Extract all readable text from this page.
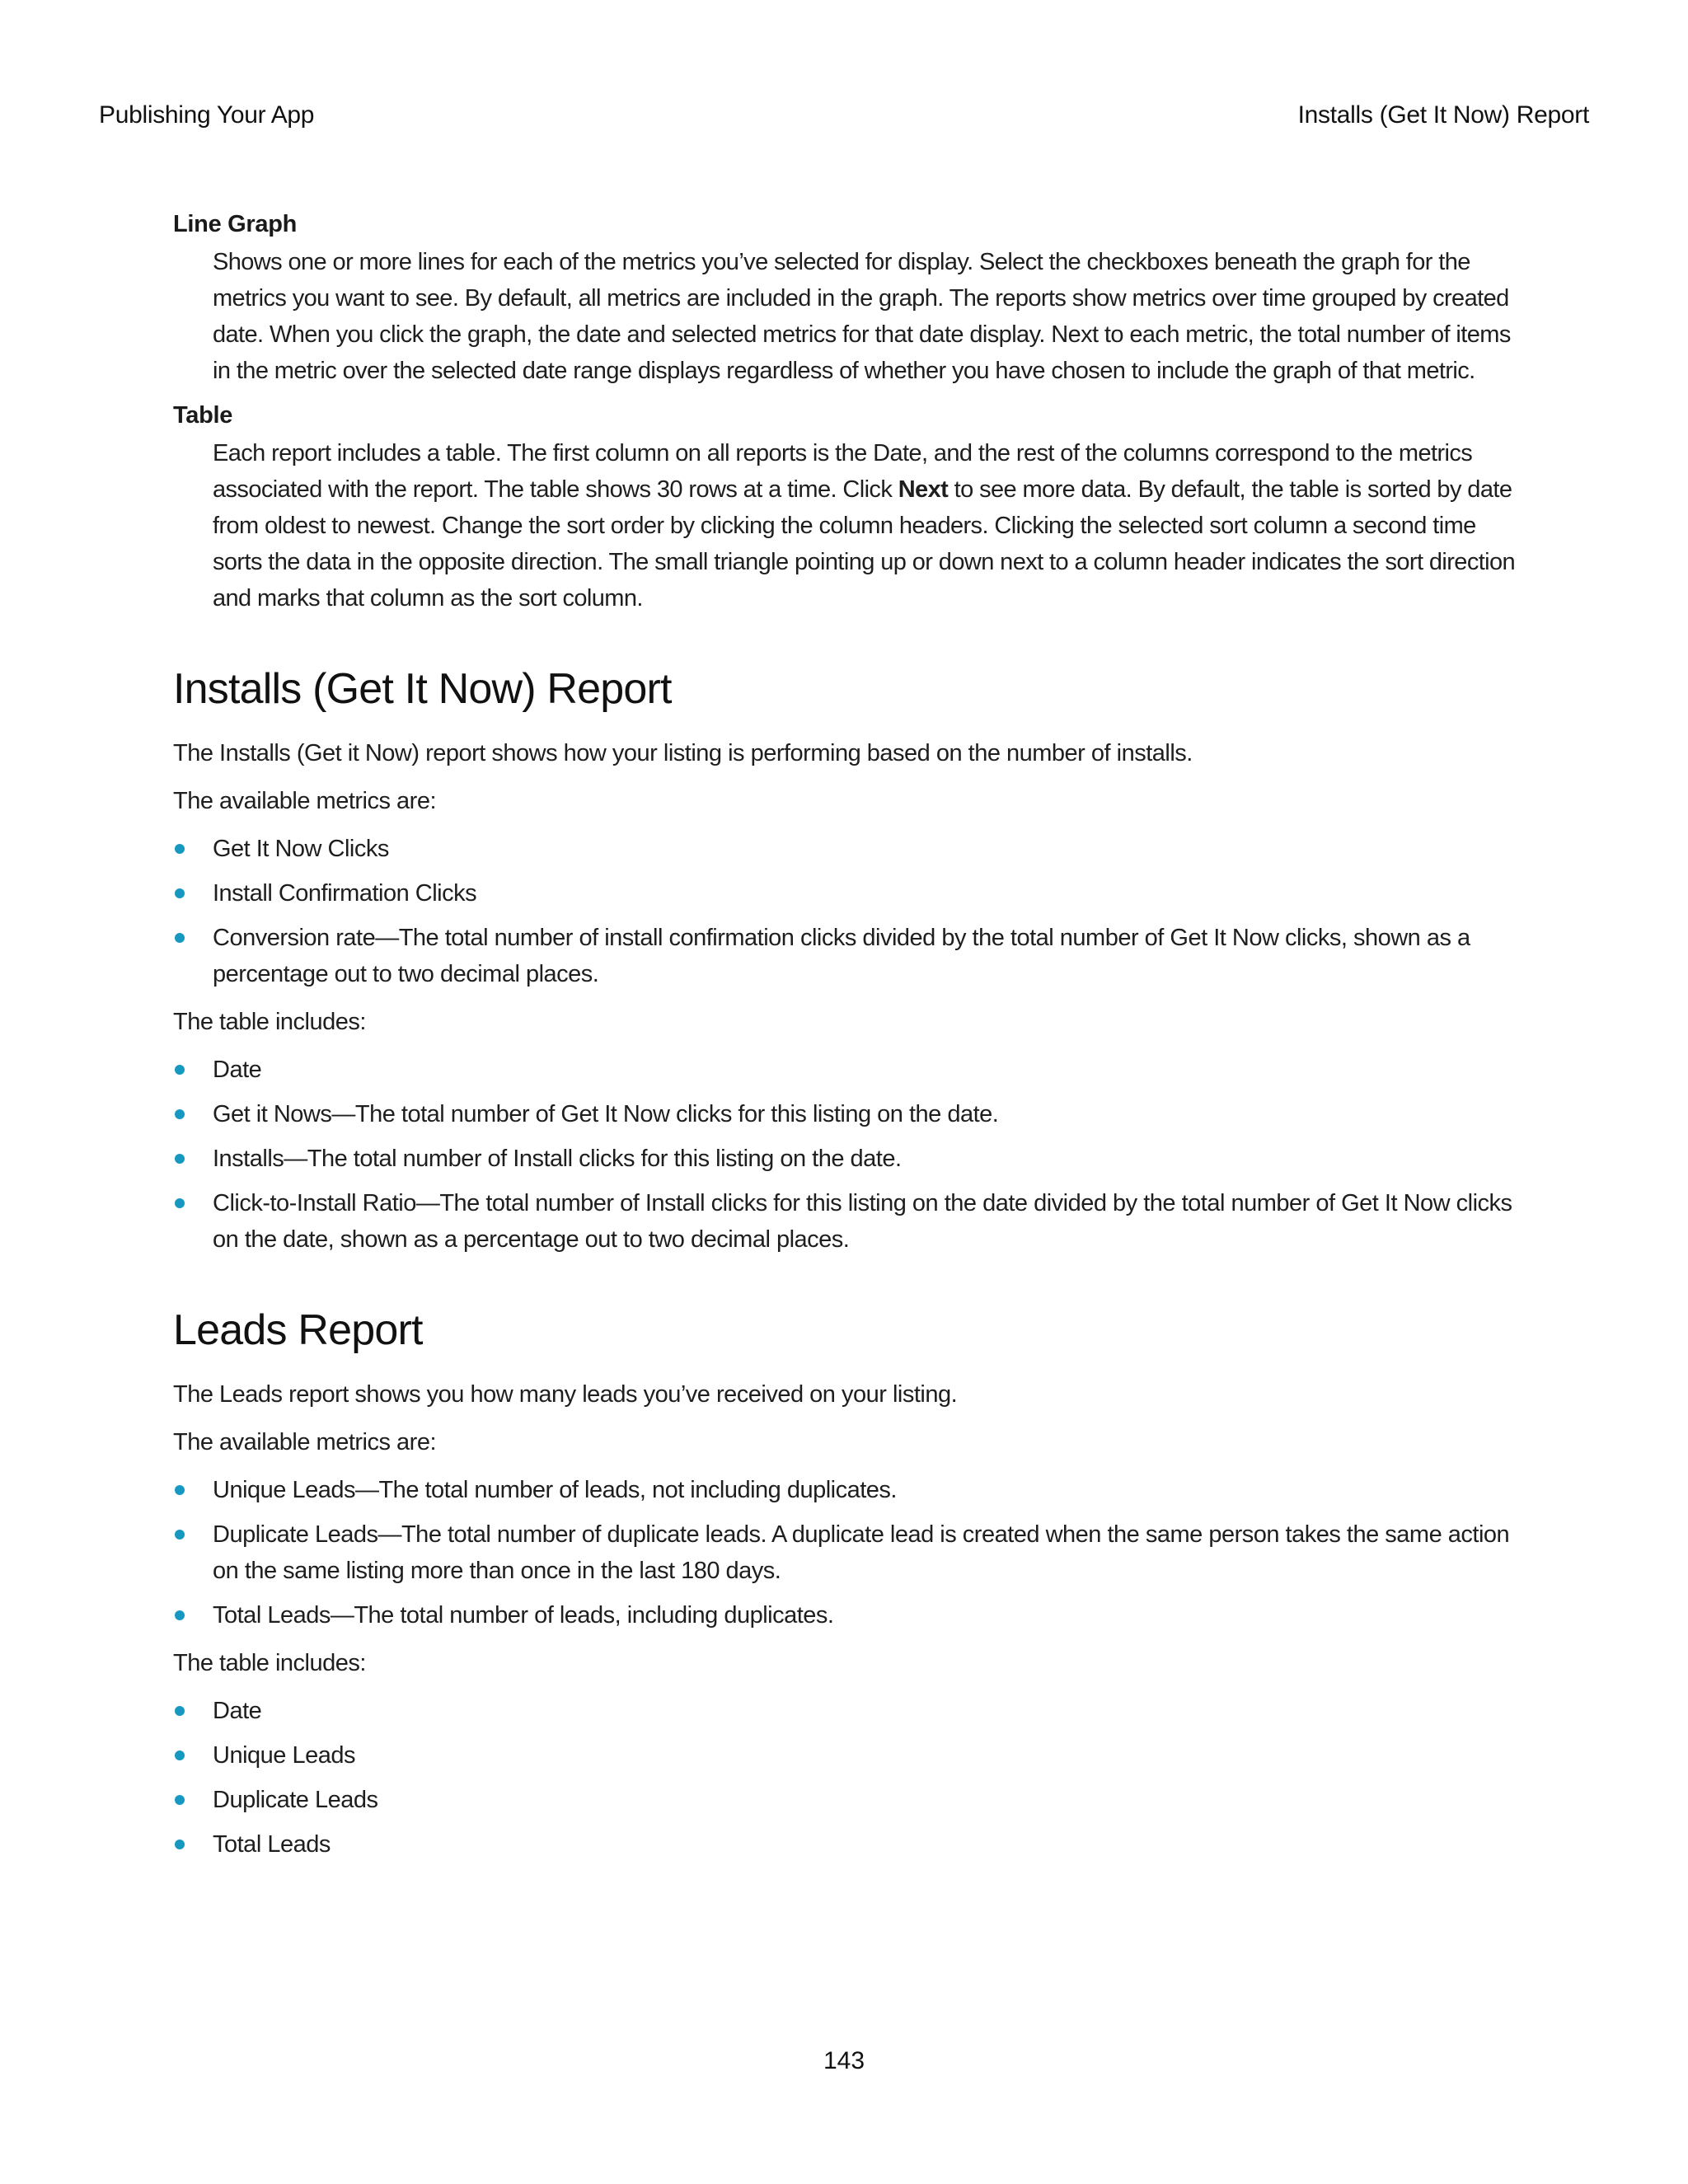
Publishing Your App	Installs (Get It Now) Report
Line Graph

Shows one or more lines for each of the metrics you’ve selected for display. Select the checkboxes beneath the graph for the metrics you want to see. By default, all metrics are included in the graph. The reports show metrics over time grouped by created date. When you click the graph, the date and selected metrics for that date display. Next to each metric, the total number of items in the metric over the selected date range displays regardless of whether you have chosen to include the graph of that metric.

Table

Each report includes a table. The first column on all reports is the Date, and the rest of the columns correspond to the metrics associated with the report. The table shows 30 rows at a time. Click Next to see more data. By default, the table is sorted by date from oldest to newest. Change the sort order by clicking the column headers. Clicking the selected sort column a second time sorts the data in the opposite direction. The small triangle pointing up or down next to a column header indicates the sort direction and marks that column as the sort column.

Installs (Get It Now) Report

The Installs (Get it Now) report shows how your listing is performing based on the number of installs.

The available metrics are:

Get It Now Clicks
Install Confirmation Clicks
Conversion rate—The total number of install confirmation clicks divided by the total number of Get It Now clicks, shown as a percentage out to two decimal places.

The table includes:

Date
Get it Nows—The total number of Get It Now clicks for this listing on the date.
Installs—The total number of Install clicks for this listing on the date.
Click-to-Install Ratio—The total number of Install clicks for this listing on the date divided by the total number of Get It Now clicks on the date, shown as a percentage out to two decimal places.
Leads Report

The Leads report shows you how many leads you’ve received on your listing.

The available metrics are:

Unique Leads—The total number of leads, not including duplicates.
Duplicate Leads—The total number of duplicate leads. A duplicate lead is created when the same person takes the same action on the same listing more than once in the last 180 days.
Total Leads—The total number of leads, including duplicates.

The table includes:

Date
Unique Leads
Duplicate Leads
Total Leads
143
